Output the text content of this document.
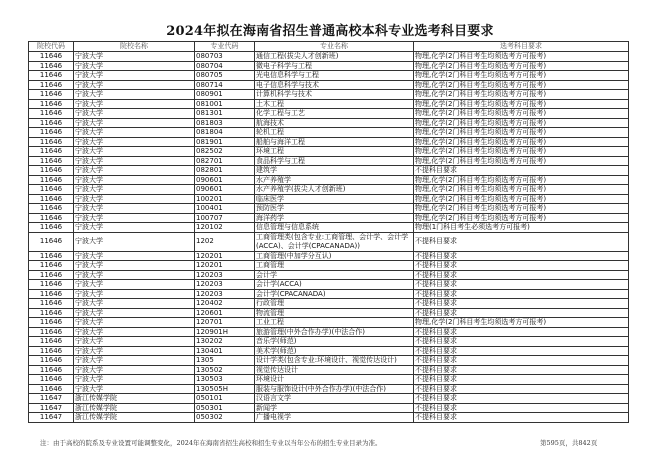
2024年拟在海南省招生普通高校本科专业选考科目要求
院校代码	院校名称	专业代码	专业名称	选考科目要求
11646	宁波大学	080703	通信工程(拔尖人才创新班)	物理,化学(2门科目考生均须选考方可报考)
11646	宁波大学	080704	微电子科学与工程	物理,化学(2门科目考生均须选考方可报考)
11646	宁波大学	080705	光电信息科学与工程	物理,化学(2门科目考生均须选考方可报考)
11646	宁波大学	080714	电子信息科学与技术	物理,化学(2门科目考生均须选考方可报考)
11646	宁波大学	080901	计算机科学与技术	物理,化学(2门科目考生均须选考方可报考)
11646	宁波大学	081001	土木工程	物理,化学(2门科目考生均须选考方可报考)
11646	宁波大学	081301	化学工程与工艺	物理,化学(2门科目考生均须选考方可报考)
11646	宁波大学	081803	航海技术	物理,化学(2门科目考生均须选考方可报考)
11646	宁波大学	081804	轮机工程	物理,化学(2门科目考生均须选考方可报考)
11646	宁波大学	081901	船舶与海洋工程	物理,化学(2门科目考生均须选考方可报考)
11646	宁波大学	082502	环境工程	物理,化学(2门科目考生均须选考方可报考)
11646	宁波大学	082701	食品科学与工程	物理,化学(2门科目考生均须选考方可报考)
11646	宁波大学	082801	建筑学	不提科目要求
11646	宁波大学	090601	水产养殖学	物理,化学(2门科目考生均须选考方可报考)
11646	宁波大学	090601	水产养殖学(拔尖人才创新班)	物理,化学(2门科目考生均须选考方可报考)
11646	宁波大学	100201	临床医学	物理,化学(2门科目考生均须选考方可报考)
11646	宁波大学	100401	预防医学	物理,化学(2门科目考生均须选考方可报考)
11646	宁波大学	100707	海洋药学	物理,化学(2门科目考生均须选考方可报考)
11646	宁波大学	120102	信息管理与信息系统	物理(1门科目考生必须选考方可报考)
11646	宁波大学	1202	工商管理类(包含专业:工商管理、会计学、会计学(ACCA)、会计学(CPACANADA))	不提科目要求
11646	宁波大学	120201	工商管理(中加学分互认)	不提科目要求
11646	宁波大学	120201	工商管理	不提科目要求
11646	宁波大学	120203	会计学	不提科目要求
11646	宁波大学	120203	会计学(ACCA)	不提科目要求
11646	宁波大学	120203	会计学(CPACANADA)	不提科目要求
11646	宁波大学	120402	行政管理	不提科目要求
11646	宁波大学	120601	物流管理	不提科目要求
11646	宁波大学	120701	工业工程	物理,化学(2门科目考生均须选考方可报考)
11646	宁波大学	120901H	旅游管理(中外合作办学)(中法合作)	不提科目要求
11646	宁波大学	130202	音乐学(师范)	不提科目要求
11646	宁波大学	130401	美术学(师范)	不提科目要求
11646	宁波大学	1305	设计学类(包含专业:环境设计、视觉传达设计)	不提科目要求
11646	宁波大学	130502	视觉传达设计	不提科目要求
11646	宁波大学	130503	环境设计	不提科目要求
11646	宁波大学	130505H	服装与服饰设计(中外合作办学)(中法合作)	不提科目要求
11647	浙江传媒学院	050101	汉语言文学	不提科目要求
11647	浙江传媒学院	050301	新闻学	不提科目要求
11647	浙江传媒学院	050302	广播电视学	不提科目要求
注：由于高校的院系及专业设置可能调整变化，2024年在海南省招生高校和招生专业以当年公布的招生专业目录为准。	第595页，共842页
